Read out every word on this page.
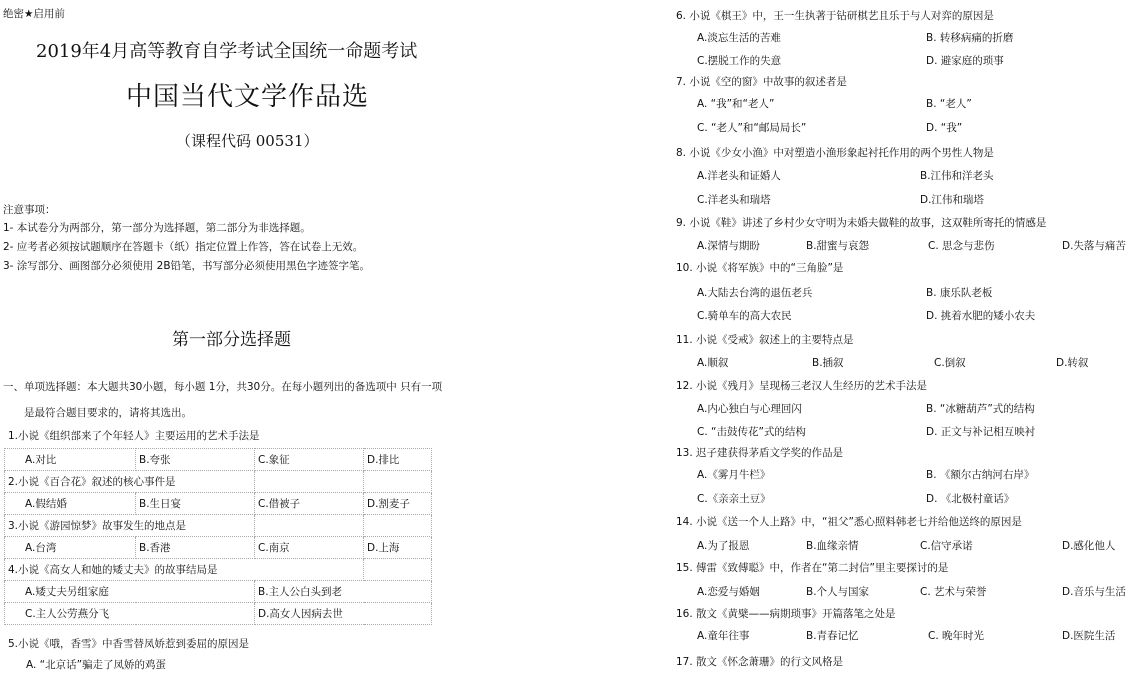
绝密★启用前
2019年4月高等教育自学考试全国统一命题考试
中国当代文学作品选
（课程代码 00531）
注意事项：
1- 本试卷分为两部分，第一部分为选择题，第二部分为非选择题。
2- 应考者必须按试题顺序在答题卡（纸）指定位置上作答，答在试卷上无效。
3- 涂写部分、画图部分必须使用 2B铅笔，书写部分必须使用黑色字迹签字笔。
第一部分选择题
一、单项选择题：本大题共30小题，每小题 1分，共30分。在每小题列出的备选项中 只有一项
是最符合题目要求的，请将其选出。
1.小说《组织部来了个年轻人》主要运用的艺术手法是
A.对比	B.夸张	C.象征	D.排比
2.小说《百合花》叙述的核心事件是			
A.假结婚	B.生日宴	C.借被子	D.割麦子
3.小说《游园惊梦》故事发生的地点是			
A.台湾	B.香港	C.南京	D.上海
4.小说《高女人和她的矮丈夫》的故事结局是			
A.矮丈夫另组家庭		B.主人公白头到老	
C.主人公劳燕分飞		D.高女人因病去世	
5.小说《哦，香雪》中香雪替凤娇惹到委屈的原因是
A. “北京话”骗走了凤娇的鸡蛋
6. 小说《棋王》中，王一生执著于钻研棋艺且乐于与人对弈的原因是
A.淡忘生活的苦难	B. 转移病痛的折磨
C.摆脱工作的失意	D. 避家庭的琐事
7. 小说《空的窗》中故事的叙述者是
A. “我”和“老人”	B. “老人”
C. “老人”和“邮局局长”	D. “我”
8. 小说《少女小渔》中对塑造小渔形象起衬托作用的两个男性人物是
A.洋老头和证婚人	B.江伟和洋老头
C.洋老头和瑞塔	D.江伟和瑞塔
9. 小说《鞋》讲述了乡村少女守明为未婚夫做鞋的故事，这双鞋所寄托的情感是
A.深情与期盼	B.甜蜜与哀怨	C. 思念与悲伤	D.失落与痛苦
10. 小说《将军族》中的“三角脸”是
A.大陆去台湾的退伍老兵	B. 康乐队老板
C.骑单车的高大农民	D. 挑着水肥的矮小农夫
11. 小说《受戒》叙述上的主要特点是
A.顺叙	B.插叙	C.倒叙	D.转叙
12. 小说《残月》呈现杨三老汉人生经历的艺术手法是
A.内心独白与心理回闪	B. “冰糖葫芦”式的结构
C. “击鼓传花”式的结构	D. 正文与补记相互映衬
13. 迟子建获得茅盾文学奖的作品是
A.《雾月牛栏》	B. 《额尔古纳河右岸》
C.《亲亲土豆》	D. 《北极村童话》
14. 小说《送一个人上路》中，“祖父”悉心照料韩老七并给他送终的原因是
A.为了报恩	B.血缘亲情	C.信守承诺	D.感化他人
15. 傅雷《致傅聪》中，作者在“第二封信”里主要探讨的是
A.恋爱与婚姻	B.个人与国家	C. 艺术与荣誉	D.音乐与生活
16. 散文《黄檗——病期琐事》开篇落笔之处是
A.童年往事	B.青春记忆	C. 晚年时光	D.医院生活
17. 散文《怀念萧珊》的行文风格是
